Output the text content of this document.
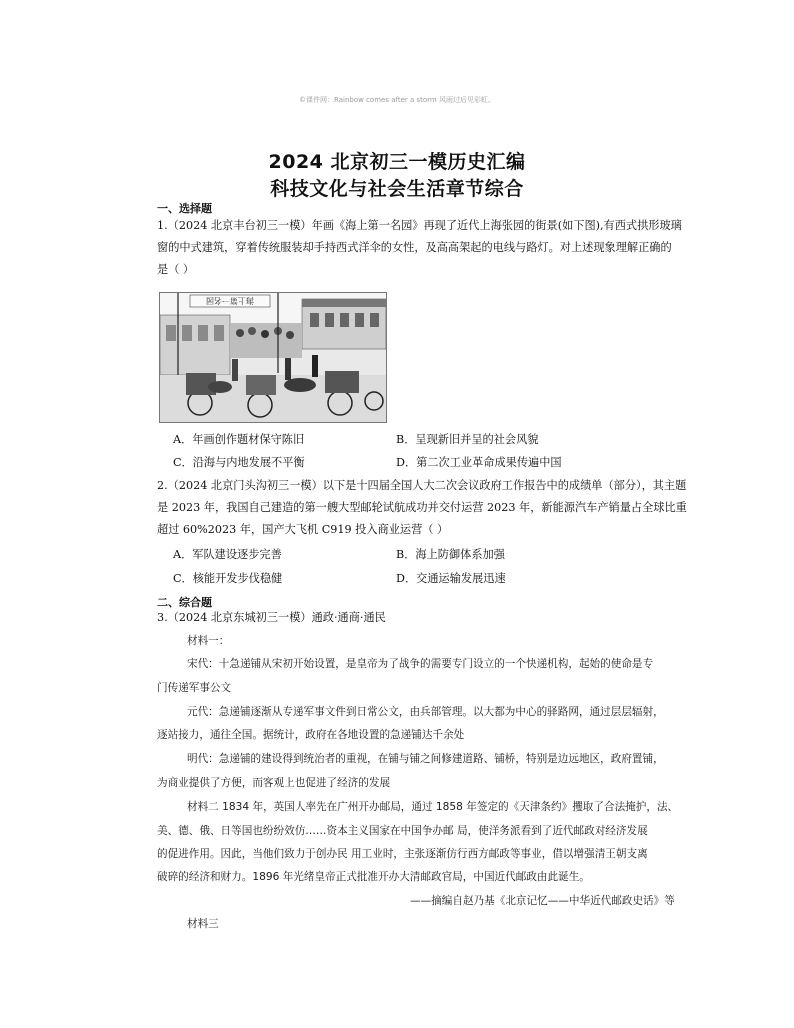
©课件网：Rainbow comes after a storm 风雨过后见彩虹。
2024 北京初三一模历史汇编
科技文化与社会生活章节综合
一、选择题
1.（2024 北京丰台初三一模）年画《海上第一名园》再现了近代上海张园的街景(如下图),有西式拱形玻璃
窗的中式建筑，穿着传统服装却手持西式洋伞的女性，及高高架起的电线与路灯。对上述现象理解正确的
是（ ）
海上第一名园
A．年画创作题材保守陈旧	B．呈现新旧并呈的社会风貌
C．沿海与内地发展不平衡	D．第二次工业革命成果传遍中国
2.（2024 北京门头沟初三一模）以下是十四届全国人大二次会议政府工作报告中的成绩单（部分），其主题
是 2023 年，我国自己建造的第一艘大型邮轮试航成功并交付运营 2023 年，新能源汽车产销量占全球比重
超过 60%2023 年，国产大飞机 C919 投入商业运营（ ）
A．军队建设逐步完善	B．海上防御体系加强
C．核能开发步伐稳健	D．交通运输发展迅速
二、综合题
3.（2024 北京东城初三一模）通政·通商·通民
材料一：
宋代：十急递铺从宋初开始设置，是皇帝为了战争的需要专门设立的一个快递机构，起始的使命是专
门传递军事公文
元代：急递铺逐渐从专递军事文件到日常公文，由兵部管理。以大都为中心的驿路网，通过层层辐射，
逐站接力，通往全国。据统计，政府在各地设置的急递铺达千余处
明代：急递铺的建设得到统治者的重视，在铺与铺之间修建道路、铺桥，特别是边远地区，政府置铺，
为商业提供了方便，而客观上也促进了经济的发展
材料二 1834 年，英国人率先在广州开办邮局，通过 1858 年签定的《天津条约》攫取了合法掩护，法、
美、德、俄、日等国也纷纷效仿……资本主义国家在中国争办邮 局，使洋务派看到了近代邮政对经济发展
的促进作用。因此，当他们致力于创办民 用工业时，主张逐渐仿行西方邮政等事业，借以增强清王朝支离
破碎的经济和财力。1896 年光绪皇帝正式批准开办大清邮政官局，中国近代邮政由此诞生。
——摘编自赵乃基《北京记忆——中华近代邮政史话》等
材料三
